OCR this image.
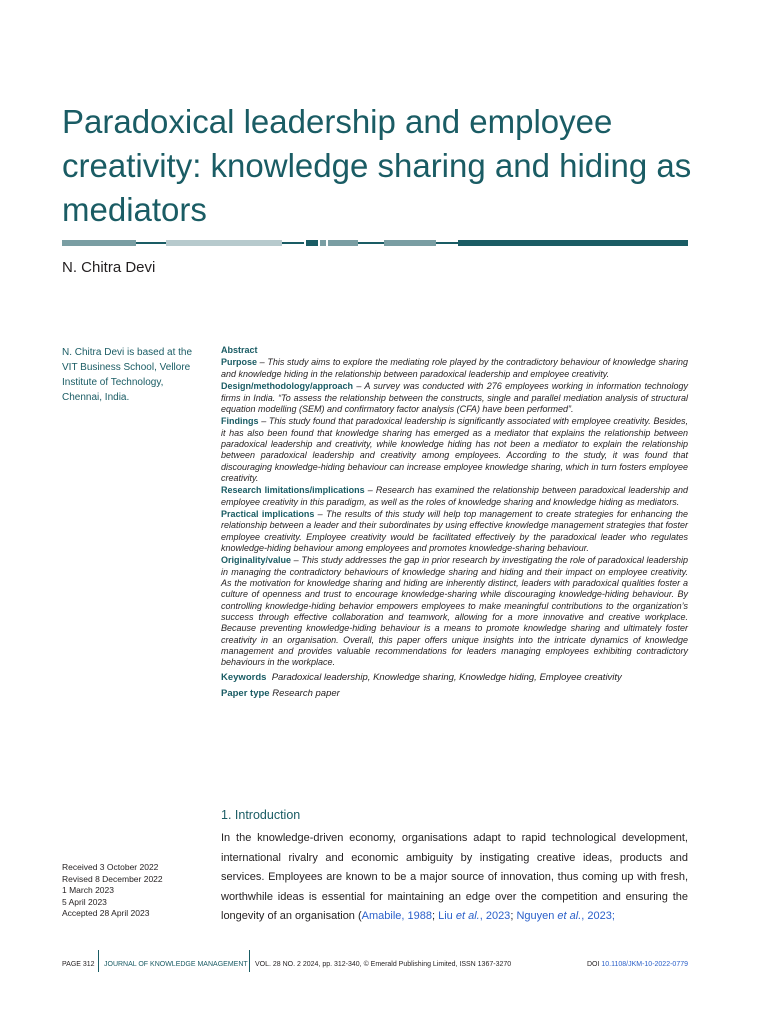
Paradoxical leadership and employee creativity: knowledge sharing and hiding as mediators
N. Chitra Devi

N. Chitra Devi is based at the VIT Business School, Vellore Institute of Technology, Chennai, India.

Abstract

Purpose – This study aims to explore the mediating role played by the contradictory behaviour of knowledge sharing and knowledge hiding in the relationship between paradoxical leadership and employee creativity.

Design/methodology/approach – A survey was conducted with 276 employees working in information technology firms in India. “To assess the relationship between the constructs, single and parallel mediation analysis of structural equation modelling (SEM) and confirmatory factor analysis (CFA) have been performed”.

Findings – This study found that paradoxical leadership is significantly associated with employee creativity. Besides, it has also been found that knowledge sharing has emerged as a mediator that explains the relationship between paradoxical leadership and creativity, while knowledge hiding has not been a mediator to explain the relationship between paradoxical leadership and creativity among employees. According to the study, it was found that discouraging knowledge-hiding behaviour can increase employee knowledge sharing, which in turn fosters employee creativity.

Research limitations/implications – Research has examined the relationship between paradoxical leadership and employee creativity in this paradigm, as well as the roles of knowledge sharing and knowledge hiding as mediators.

Practical implications – The results of this study will help top management to create strategies for enhancing the relationship between a leader and their subordinates by using effective knowledge management strategies that foster employee creativity. Employee creativity would be facilitated effectively by the paradoxical leader who regulates knowledge-hiding behaviour among employees and promotes knowledge-sharing behaviour.

Originality/value – This study addresses the gap in prior research by investigating the role of paradoxical leadership in managing the contradictory behaviours of knowledge sharing and hiding and their impact on employee creativity. As the motivation for knowledge sharing and hiding are inherently distinct, leaders with paradoxical qualities foster a culture of openness and trust to encourage knowledge-sharing while discouraging knowledge-hiding behaviour. By controlling knowledge-hiding behavior empowers employees to make meaningful contributions to the organization’s success through effective collaboration and teamwork, allowing for a more innovative and creative workplace. Because preventing knowledge-hiding behaviour is a means to promote knowledge sharing and ultimately foster creativity in an organisation. Overall, this paper offers unique insights into the intricate dynamics of knowledge management and provides valuable recommendations for leaders managing employees exhibiting contradictory behaviours in the workplace.

Keywords Paradoxical leadership, Knowledge sharing, Knowledge hiding, Employee creativity

Paper type Research paper

1. Introduction

In the knowledge-driven economy, organisations adapt to rapid technological development, international rivalry and economic ambiguity by instigating creative ideas, products and services. Employees are known to be a major source of innovation, thus coming up with fresh, worthwhile ideas is essential for maintaining an edge over the competition and ensuring the longevity of an organisation (Amabile, 1988; Liu et al., 2023; Nguyen et al., 2023;

Received 3 October 2022
Revised 8 December 2022
1 March 2023
5 April 2023
Accepted 28 April 2023
PAGE 312 JOURNAL OF KNOWLEDGE MANAGEMENT VOL. 28 NO. 2 2024, pp. 312-340, © Emerald Publishing Limited, ISSN 1367-3270	DOI 10.1108/JKM-10-2022-0779
